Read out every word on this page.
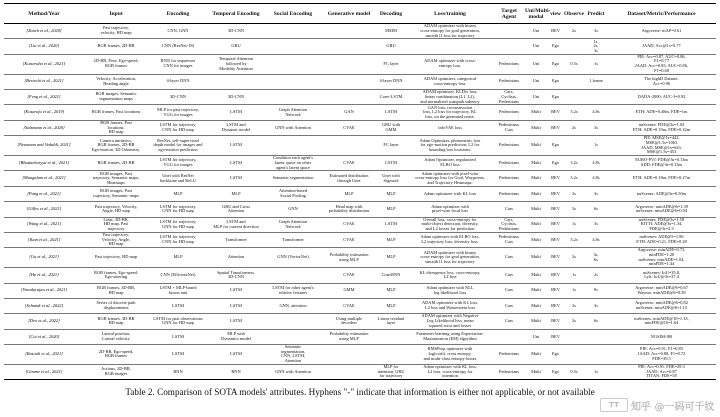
Method/Year	Input	Encoding	Temporal Encoding	Social Encoding	Generative model	Decoding	Loss/training	Target Agent	Uni/Multi-modal	view	Observe	Predict	Dataset/Metric/Performance
[Zanch et al., 2020]	Past trajectory,
velocity, HD map	CNN, GNN	3D-CNN			MMM	ADAM optimizer with binary
cross-entropy for goal generation,
smooth l1 loss for trajectory		Uni	BEV	2s	3s	Argoverse: mAP=0.61
[Liu et al., 2020]	RGB frames, 2D-BB	CNN (ResNet-18)	GRU			GRU			Uni	Ego		1s,
2s,
3s	JAAD: Acc@1s=0.77
[Kotseruba et al., 2021]	2D-BB, Pose, Ego-speed,
RGB frames	RNN for sequences
CNN for images	Temporal Attention
followed by
Modality Attention			FC layer	ADAM optimizer with cross-
entropy loss.	Pedestrians	Uni	Ego	0.5s	1s	PIE: Acc=0.87, AUC=0.86,
F1=0.77
JAAD: Acc=0.85, AUC=0.86,
F1=0.68
[Bertechi et al., 2021]	Velocity, Acceleration,
Heading angle	4-layer DNN				4-layer DNN	ADAM optimizer, categorical
cross-entropy loss.	Pedestrians	Uni	Ego		1 frame	The highD Dataset:
Acc=0.96
[Feng et al., 2021]	RGB images, Semantic
segmentation maps	3D-CNN	3D-CNN			Conv-LSTM	ADAM optimizer, KLDiv loss,
linear combination (L1, L2),
and normalized scanpath saliency	Cars,
Cyclists,
Pedestrians	Uni	Ego			DADA-2000: AUC-J=0.92
[Kosaraju et al., 2019]	RGB frames, Past locations	MLP for past trajectory,
VGG for images	LSTM	Graph Attention
Network	GAN	LSTM	GAN loss, reconstruction
loss, L2 loss for trajectory, KL
loss, on the generated noise.	Pedestrians	Multi	BEV	3.2s	4.8s	ETH: ADE=0.48m, FDE=1m
[Salzmann et al., 2020]	RGB frames, Past
locations,
HD map	LSTM for trajectory,
CNN for HD map	LSTM and
Dynamic model	GNN with Attention	CVAE	GRU with
GMM	infoVAE loss	Pedestrians,
Cars	Multi	BEV	2s	3s	nuScenes: FDE@3s=1.04
ETH: ADE=0.19m, FDE=0.32m
[Neumann and Vedaldi, 2021]	Camera intrinsics,
RGB frames, 2D-BB
Ego-motion, 3D Odometry.	ResNet, self-supervised
depth model for images and
ego-motion prediction	LSTM			FC layer	Adam Optimizer, photometric loss
for ego-motion prediction; L2 for
bounding box locations.	Pedestrians	Multi	Ego		1s	PIE: MSE@1s=442,
MSE@1.5s=1063
JAAD: MSE@1s=643,
MSE@1.5s=453
[Bhattacharyya et al., 2021]	RGB frames, 2D-BB	LSTM for trajectory,
VGG for images	LSTM	Condition each agent's
latent space on other
agent's latent space	CVAE	LSTM	Adam Optimizer, regularized
ELBO loss	Pedestrians	Multi	Ego	3.2s	4.8s	EURO-PVI: FDE@3s=0.13m
SDD: FDE@3s=0.13m
[Mangalam et al., 2021]	RGB images, Past
trajectory, Semantic maps,
Heatmaps	Unet with ResNet
backbone and ReLU	LSTM	Semantic segmentation	Estimated distribution
through Unet	Unet with
Sigmoid	Adam optimizer with pixel-wise
cross-entropy loss for Goal, Waypoints,
and Trajectory Heatmaps.	Pedestrians	Multi	BEV	3.2s	4.8s	ETH: ADE=0.18m, FDE=0.27m
[Pang et al., 2021]	RGB images, Past
trajectory, Semantic maps	MLP	MLP	Attention-based
Social Pooling	MLP	MLP	Adam optimizer with KL loss	Pedestrians	Multi	BEV	2s	3s	nuScenes: ADE@3s=0.50m
[Gilles et al., 2021]	Past trajectory, Velocity,
Angle, HD map	LSTM for trajectory,
CNN for HD map	GRU and Cross
Attention	GNN	Head map with
probability distribution	MLP	Adam optimizer with
pixel-wise focal loss	Cars	Multi	BEV	3s	6s	Argoverse: minADE@6=1.39
nuScenes: minADE@6=0.94
[Wang et al., 2021]	Lidar, 3D-BB,
HD map, Past
trajectory	LSTM for trajectory,
GNN for HD map	LSTM and
MLP for current direction	Graph Attention
Network	CVAE	LSTM	Overall loss, cross-entropy for
multi-object detection, diversity,
and L2 losses for prediction	Cars,
Cyclists,
Pedestrians	Multi	BEV	1s	3s	nuScenes: FDE@3s=1.58
KITTI: ADE@3s=1.34,
FDE@3s=2.3
[Yuan et al., 2021]	Past trajectory,
Velocity, Angle,
HD map	LSTM for trajectory,
CNN for HD map	Transformer	Transformer	CVAE	MLP	Adam optimizer with ELBO loss,
L2 trajectory loss, diversity loss.	Pedestrians,
Cars	Multi	BEV	3.2s	4.8s	nuScenes: ADE@5=1.86
ETH: ADE=0.21, FDE=0.28
[Gu et al., 2021]	Past trajectory, HD map	MLP	Attention	GNN (VectorNet)	Probability estimation
using MLP	MLP	ADAM optimizer with binary
cross-entropy for goal generation,
smooth l1 loss for trajectory	Cars	Multi	BEV	2s	3s,
6s	Argoverse: minADE=0.73,
minFDE=1.28
nuScenes: minADE=1.04,
minFDE=1.44
[Hu et al., 2021]	RGB frames, Ego-speed,
Ego-steering	CNN (EfficientNet)	Spatial Transformers,
3D-CNN		CVAE	ConvRNN	KL divergence loss, cross-entropy,
L2 loss	Cars	Multi	BEV	1s	2s	nuScenes: IoU=35.8,
Lyft: IoU@3s=37.4
[Varadarajan et al., 2021]	RGB frames, 3D-BB,
HD map	LSTM + MLP-based
fusion unit	LSTM	LSTM for other agent's
relative features	GMM	MLP	Adam optimizer with NLL
log likelihood loss	Cars	Multi	BEV	1s	8s	Argoverse: minADE@6=0.67
Waymo: minADE@6=0.58
[Schmidt et al., 2022]	Series of discrete path
displacements	LSTM	LSTM	GNN, attention	CVAE	MLP	ADAM optimizer with KL loss,
L2 loss and Wasserstein loss	Cars	Multi	BEV	2s	3s	Argoverse: minADE@6=0.82
nuScenes: minADE@6=1.15
[Deo et al., 2022]	RGB frames, 3D-BB
HD map	LSTM for past observations
GNN for HD map	LSTM		Using multiple
decoders	Linear residual
layer	ADAM optimizer with Negative
Log Likelihood loss, mean
squared error and losses	Cars	Multi	BEV	2s	6s	nuScenes: minADE@10=1.33,
minFDE@10=1.64
[Cui et al., 2020]	Lateral position,
Lateral velocity	LSTM	MLP with
Dynamics model		Probability estimation
using MLP		Parameter learning using Expectation-
Maximization (EM) algorithm		Uni	BEV			NGSIM-I80
[Rasouli et al., 2021]	2D-BB, Ego-speed,
RGB frames	LSTM	LSTM	Semantic
segmentation,
CNN, LSTM,
Attention			RMSProp optimizer with
log(cosh), cross entropy,
and multi-class entropy losses	Pedestrians	Multi	Ego			PIE: Acc=0.91, F1=0.85
JAAD: Acc=0.88, F1=0.72
FDE=39.5
[Gimme et al., 2021]	Actions, 2D-BB,
RGB images	RNN	RNN	GNN with Attention		MLP for
intention, GRU
for trajectory	Adam optimizer with KL loss,
L2 loss, cross-entropy for
intention	Pedestrians	Multi	Ego	0.5s	1s	PIE: Acc=0.91, FDE=29.3
JAAD: Acc=0.87
TITAN: FDE=58
Table 2. Comparison of SOTA models' attributes. Hyphens "-" indicate that information is either not applicable, or not available
TT	知乎 @一码可千纹
